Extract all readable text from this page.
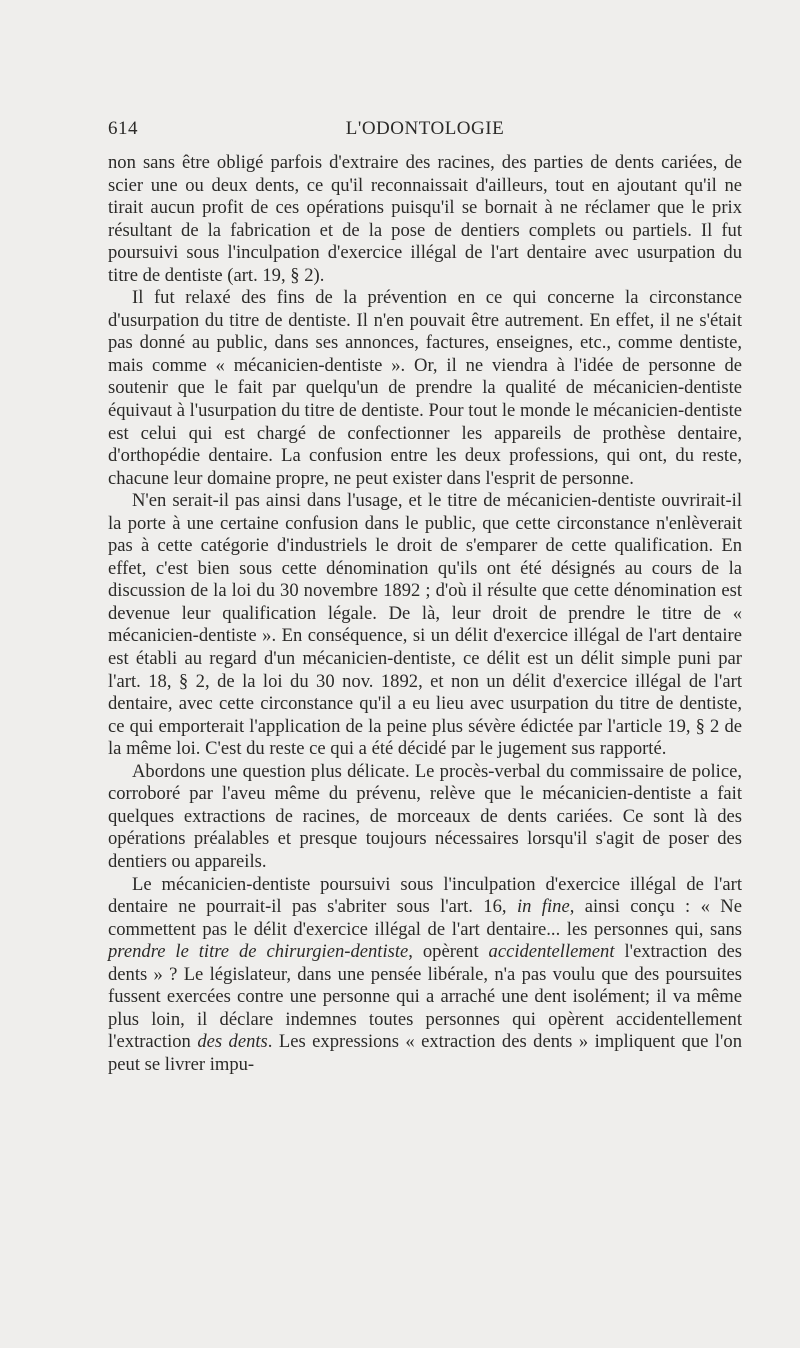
614	L'ODONTOLOGIE

non sans être obligé parfois d'extraire des racines, des parties de dents cariées, de scier une ou deux dents, ce qu'il reconnaissait d'ailleurs, tout en ajoutant qu'il ne tirait aucun profit de ces opérations puisqu'il se bornait à ne réclamer que le prix résultant de la fabrication et de la pose de dentiers complets ou partiels. Il fut poursuivi sous l'inculpation d'exercice illégal de l'art dentaire avec usurpation du titre de dentiste (art. 19, § 2).

Il fut relaxé des fins de la prévention en ce qui concerne la circonstance d'usurpation du titre de dentiste. Il n'en pouvait être autrement. En effet, il ne s'était pas donné au public, dans ses annonces, factures, enseignes, etc., comme dentiste, mais comme « mécanicien-dentiste ». Or, il ne viendra à l'idée de personne de soutenir que le fait par quelqu'un de prendre la qualité de mécanicien-dentiste équivaut à l'usurpation du titre de dentiste. Pour tout le monde le mécanicien-dentiste est celui qui est chargé de confectionner les appareils de prothèse dentaire, d'orthopédie dentaire. La confusion entre les deux professions, qui ont, du reste, chacune leur domaine propre, ne peut exister dans l'esprit de personne.

N'en serait-il pas ainsi dans l'usage, et le titre de mécanicien-dentiste ouvrirait-il la porte à une certaine confusion dans le public, que cette circonstance n'enlèverait pas à cette catégorie d'industriels le droit de s'emparer de cette qualification. En effet, c'est bien sous cette dénomination qu'ils ont été désignés au cours de la discussion de la loi du 30 novembre 1892 ; d'où il résulte que cette dénomination est devenue leur qualification légale. De là, leur droit de prendre le titre de « mécanicien-dentiste ». En conséquence, si un délit d'exercice illégal de l'art dentaire est établi au regard d'un mécanicien-dentiste, ce délit est un délit simple puni par l'art. 18, § 2, de la loi du 30 nov. 1892, et non un délit d'exercice illégal de l'art dentaire, avec cette circonstance qu'il a eu lieu avec usurpation du titre de dentiste, ce qui emporterait l'application de la peine plus sévère édictée par l'article 19, § 2 de la même loi. C'est du reste ce qui a été décidé par le jugement sus rapporté.

Abordons une question plus délicate. Le procès-verbal du commissaire de police, corroboré par l'aveu même du prévenu, relève que le mécanicien-dentiste a fait quelques extractions de racines, de morceaux de dents cariées. Ce sont là des opérations préalables et presque toujours nécessaires lorsqu'il s'agit de poser des dentiers ou appareils.

Le mécanicien-dentiste poursuivi sous l'inculpation d'exercice illégal de l'art dentaire ne pourrait-il pas s'abriter sous l'art. 16, in fine, ainsi conçu : « Ne commettent pas le délit d'exercice illégal de l'art dentaire... les personnes qui, sans prendre le titre de chirurgien-dentiste, opèrent accidentellement l'extraction des dents » ? Le législateur, dans une pensée libérale, n'a pas voulu que des poursuites fussent exercées contre une personne qui a arraché une dent isolément; il va même plus loin, il déclare indemnes toutes personnes qui opèrent accidentellement l'extraction des dents. Les expressions « extraction des dents » impliquent que l'on peut se livrer impu-
